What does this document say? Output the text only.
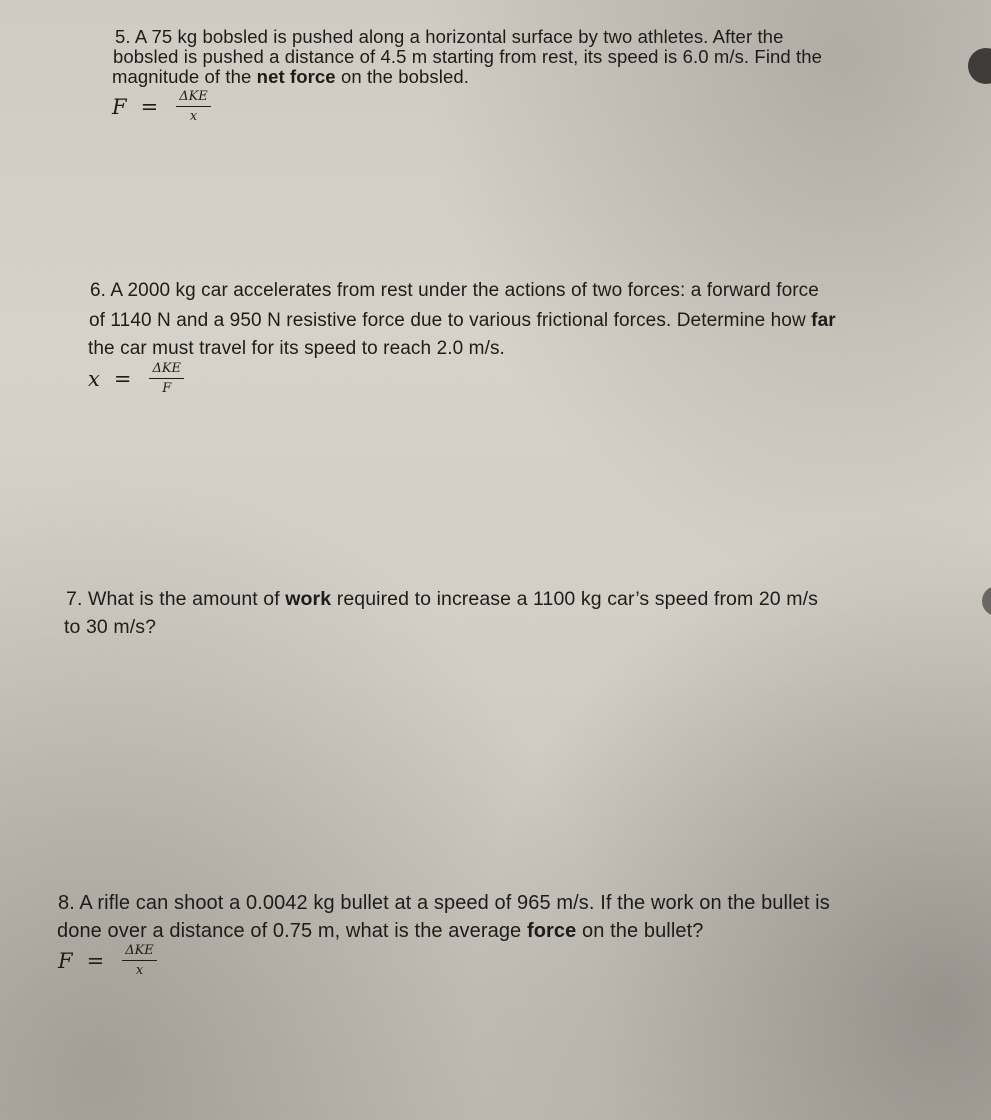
5. A 75 kg bobsled is pushed along a horizontal surface by two athletes. After the
bobsled is pushed a distance of 4.5 m starting from rest, its speed is 6.0 m/s. Find the
magnitude of the net force on the bobsled.
$F = \frac{\text{ΔKE}}{x}$
6. A 2000 kg car accelerates from rest under the actions of two forces: a forward force
of 1140 N and a 950 N resistive force due to various frictional forces. Determine how far
the car must travel for its speed to reach 2.0 m/s.
$x = \frac{\text{ΔKE}}{F}$
7. What is the amount of work required to increase a 1100 kg car’s speed from 20 m/s
to 30 m/s?
8. A rifle can shoot a 0.0042 kg bullet at a speed of 965 m/s. If the work on the bullet is
done over a distance of 0.75 m, what is the average force on the bullet?
$F = \frac{\text{ΔKE}}{x}$
